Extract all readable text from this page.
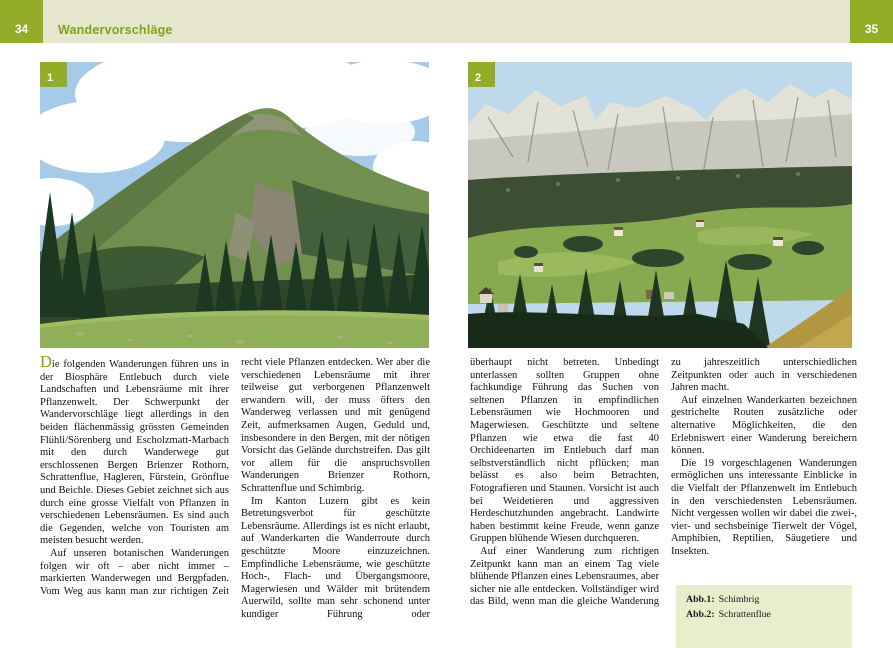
34	Wandervorschläge	35
1	2

Die folgenden Wanderungen führen uns in der Biosphäre Entlebuch durch viele Landschaften und Lebensräume mit ihrer Pflanzenwelt. Der Schwerpunkt der Wandervorschläge liegt allerdings in den beiden flächenmässig grössten Gemeinden Flühli/Sörenberg und Escholzmatt-Marbach mit den durch Wanderwege gut erschlossenen Bergen Brienzer Rothorn, Schrattenflue, Hagleren, Fürstein, Grönflue und Beichle. Dieses Gebiet zeichnet sich aus durch eine grosse Vielfalt von Pflanzen in verschiedenen Lebensräumen. Es sind auch die Gegenden, welche von Touristen am meisten besucht werden.

Auf unseren botanischen Wanderungen folgen wir oft – aber nicht immer – markierten Wanderwegen und Bergpfaden. Vom Weg aus kann man zur richtigen Zeit

recht viele Pflanzen entdecken. Wer aber die verschiedenen Lebensräume mit ihrer teilweise gut verborgenen Pflanzenwelt erwandern will, der muss öfters den Wanderweg verlassen und mit genügend Zeit, aufmerksamen Augen, Geduld und, insbesondere in den Bergen, mit der nötigen Vorsicht das Gelände durchstreifen. Das gilt vor allem für die anspruchsvollen Wanderungen Brienzer Rothorn, Schrattenflue und Schimbrig.

Im Kanton Luzern gibt es kein Betretungsverbot für geschützte Lebensräume. Allerdings ist es nicht erlaubt, auf Wanderkarten die Wanderroute durch geschützte Moore einzuzeichnen. Empfindliche Lebensräume, wie geschützte Hoch-, Flach- und Übergangsmoore, Magerwiesen und Wälder mit brütendem Auerwild, sollte man sehr schonend unter kundiger Führung oder

überhaupt nicht betreten. Unbedingt unterlassen sollten Gruppen ohne fachkundige Führung das Suchen von seltenen Pflanzen in empfindlichen Lebensräumen wie Hochmooren und Magerwiesen. Geschützte und seltene Pflanzen wie etwa die fast 40 Orchideenarten im Entlebuch darf man selbstverständlich nicht pflücken; man belässt es also beim Betrachten, Fotografieren und Staunen. Vorsicht ist auch bei Weidetieren und aggressiven Herdeschutzhunden angebracht. Landwirte haben bestimmt keine Freude, wenn ganze Gruppen blühende Wiesen durchqueren.

Auf einer Wanderung zum richtigen Zeitpunkt kann man an einem Tag viele blühende Pflanzen eines Lebensraumes, aber sicher nie alle entdecken. Vollständiger wird das Bild, wenn man die gleiche Wanderung

zu jahreszeitlich unterschiedlichen Zeitpunkten oder auch in verschiedenen Jahren macht.

Auf einzelnen Wanderkarten bezeichnen gestrichelte Routen zusätzliche oder alternative Möglichkeiten, die den Erlebniswert einer Wanderung bereichern können.

Die 19 vorgeschlagenen Wanderungen ermöglichen uns interessante Einblicke in die Vielfalt der Pflanzenwelt im Entlebuch in den verschiedensten Lebensräumen. Nicht vergessen wollen wir dabei die zwei-, vier- und sechsbeinige Tierwelt der Vögel, Amphibien, Reptilien, Säugetiere und Insekten.

Abb.1: Schimbrig

Abb.2: Schrattenflue
